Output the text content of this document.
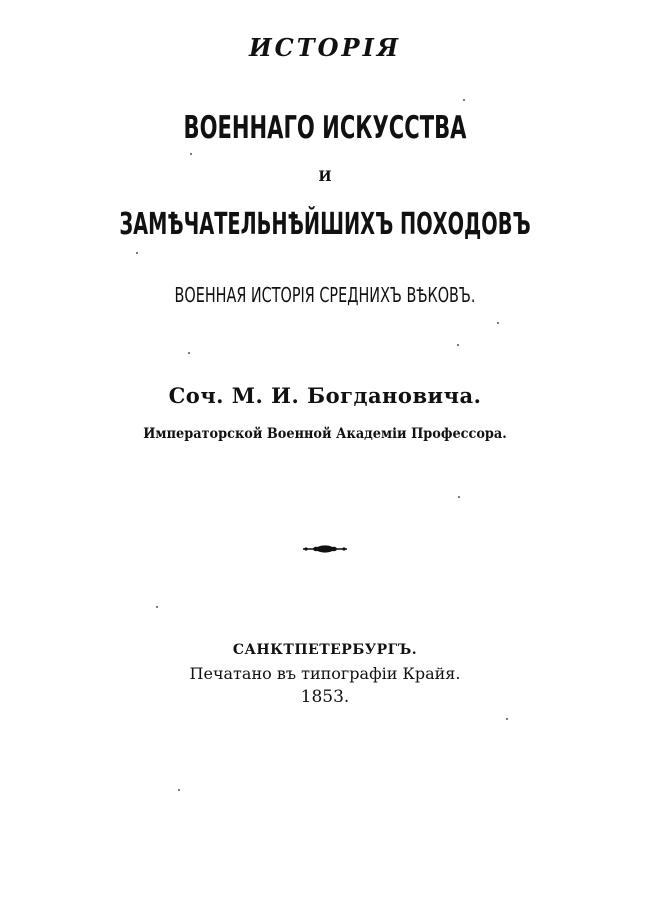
ИСТОРІЯ
ВОЕННАГО ИСКУССТВА
И
ЗАМѢЧАТЕЛЬНѢЙШИХЪ ПОХОДОВЪ
ВОЕННАЯ ИСТОРІЯ СРЕДНИХЪ ВѢКОВЪ.
Соч. М. И. Богдановича.
Императорской Военной Академіи Профессора.
САНКТПЕТЕРБУРГЪ.
Печатано въ типографіи Крайя.
1853.
